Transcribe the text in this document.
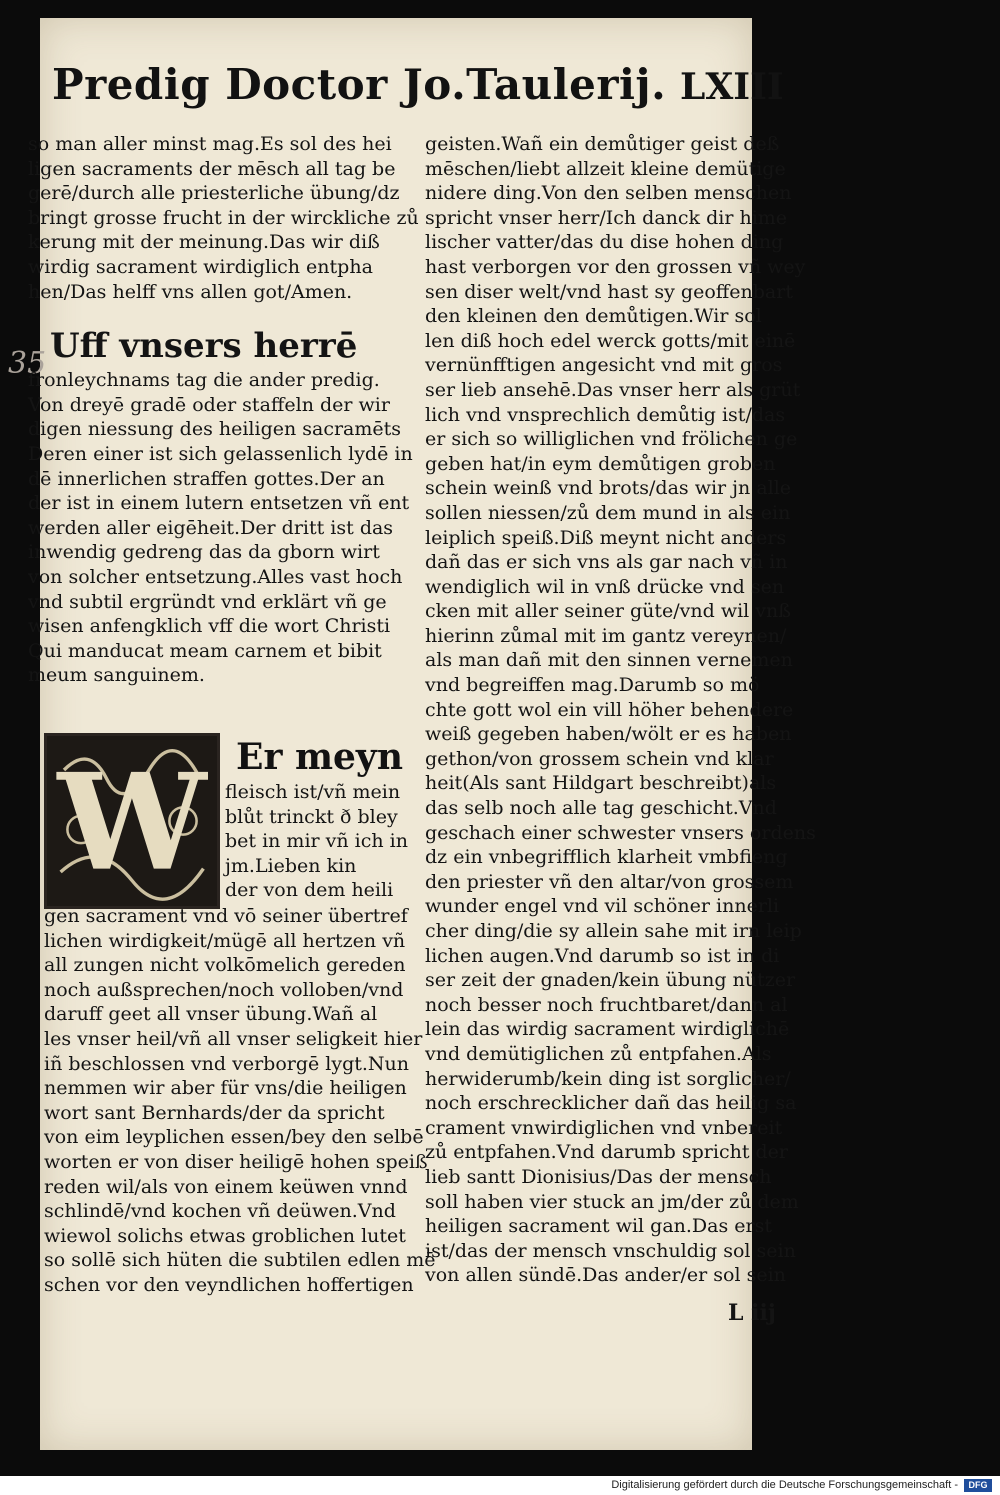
Predig Doctor Jo.Taulerij. LXIII
35
so man aller minst mag.Es sol des hei
ligen sacraments der mēsch all tag be
gerē/durch alle priesterliche übung/dz
bringt grosse frucht in der wirckliche zů
kerung mit der meinung.Das wir diß
wirdig sacrament wirdiglich entpha
hen/Das helff vns allen got/Amen.
Uff vnsers herrē
fronleychnams tag die ander predig.
Von dreyē gradē oder staffeln der wir
digen niessung des heiligen sacramēts
Deren einer ist sich gelassenlich lydē in
dē innerlichen straffen gottes.Der an
der ist in einem lutern entsetzen vñ ent
werden aller eigēheit.Der dritt ist das
inwendig gedreng das da gborn wirt
von solcher entsetzung.Alles vast hoch
vnd subtil ergründt vnd erklärt vñ ge
wisen anfengklich vff die wort Christi
Qui manducat meam carnem et bibit
meum sanguinem.
W Er meyn
fleisch ist/vñ mein
blůt trinckt ð bley
bet in mir vñ ich in
jm.Lieben kin
der von dem heili
gen sacrament vnd vō seiner übertref
lichen wirdigkeit/mügē all hertzen vñ
all zungen nicht volkōmelich gereden
noch außsprechen/noch volloben/vnd
daruff geet all vnser übung.Wañ al
les vnser heil/vñ all vnser seligkeit hier
iñ beschlossen vnd verborgē lygt.Nun
nemmen wir aber für vns/die heiligen
wort sant Bernhards/der da spricht
von eim leyplichen essen/bey den selbē
worten er von diser heiligē hohen speiß
reden wil/als von einem keüwen vnnd
schlindē/vnd kochen vñ deüwen.Vnd
wiewol solichs etwas groblichen lutet
so sollē sich hüten die subtilen edlen mē
schen vor den veyndlichen hoffertigen
geisten.Wañ ein demůtiger geist deß
mēschen/liebt allzeit kleine demütige
nidere ding.Von den selben menschen
spricht vnser herr/Ich danck dir hime
lischer vatter/das du dise hohen ding
hast verborgen vor den grossen vñ wey
sen diser welt/vnd hast sy geoffenbart
den kleinen den demůtigen.Wir sol
len diß hoch edel werck gotts/mit einē
vernünfftigen angesicht vnd mit gros
ser lieb ansehē.Das vnser herr als grüt
lich vnd vnsprechlich demůtig ist/das
er sich so williglichen vnd frölichen ge
geben hat/in eym demůtigen groben
schein weinß vnd brots/das wir jn alle
sollen niessen/zů dem mund in als ein
leiplich speiß.Diß meynt nicht anders
dañ das er sich vns als gar nach vñ in
wendiglich wil in vnß drücke vnd sen
cken mit aller seiner güte/vnd wil vnß
hierinn zůmal mit im gantz vereynen/
als man dañ mit den sinnen vernemen
vnd begreiffen mag.Darumb so mö
chte gott wol ein vill höher behendere
weiß gegeben haben/wölt er es haben
gethon/von grossem schein vnd klar
heit(Als sant Hildgart beschreibt)als
das selb noch alle tag geschicht.Vnd
geschach einer schwester vnsers ordens
dz ein vnbegrifflich klarheit vmbfieng
den priester vñ den altar/von grossem
wunder engel vnd vil schöner innerli
cher ding/die sy allein sahe mit irn leip
lichen augen.Vnd darumb so ist in di
ser zeit der gnaden/kein übung nützer
noch besser noch fruchtbaret/dann al
lein das wirdig sacrament wirdiglichē
vnd demütiglichen zů entpfahen.Als
herwiderumb/kein ding ist sorglicher/
noch erschrecklicher dañ das heilig sa
crament vnwirdiglichen vnd vnbereit
zů entpfahen.Vnd darumb spricht der
lieb santt Dionisius/Das der mensch
soll haben vier stuck an jm/der zů dem
heiligen sacrament wil gan.Das erst
ist/das der mensch vnschuldig sol sein
von allen sündē.Das ander/er sol sein
L iij
Digitalisierung gefördert durch die Deutsche Forschungsgemeinschaft -	DFG
